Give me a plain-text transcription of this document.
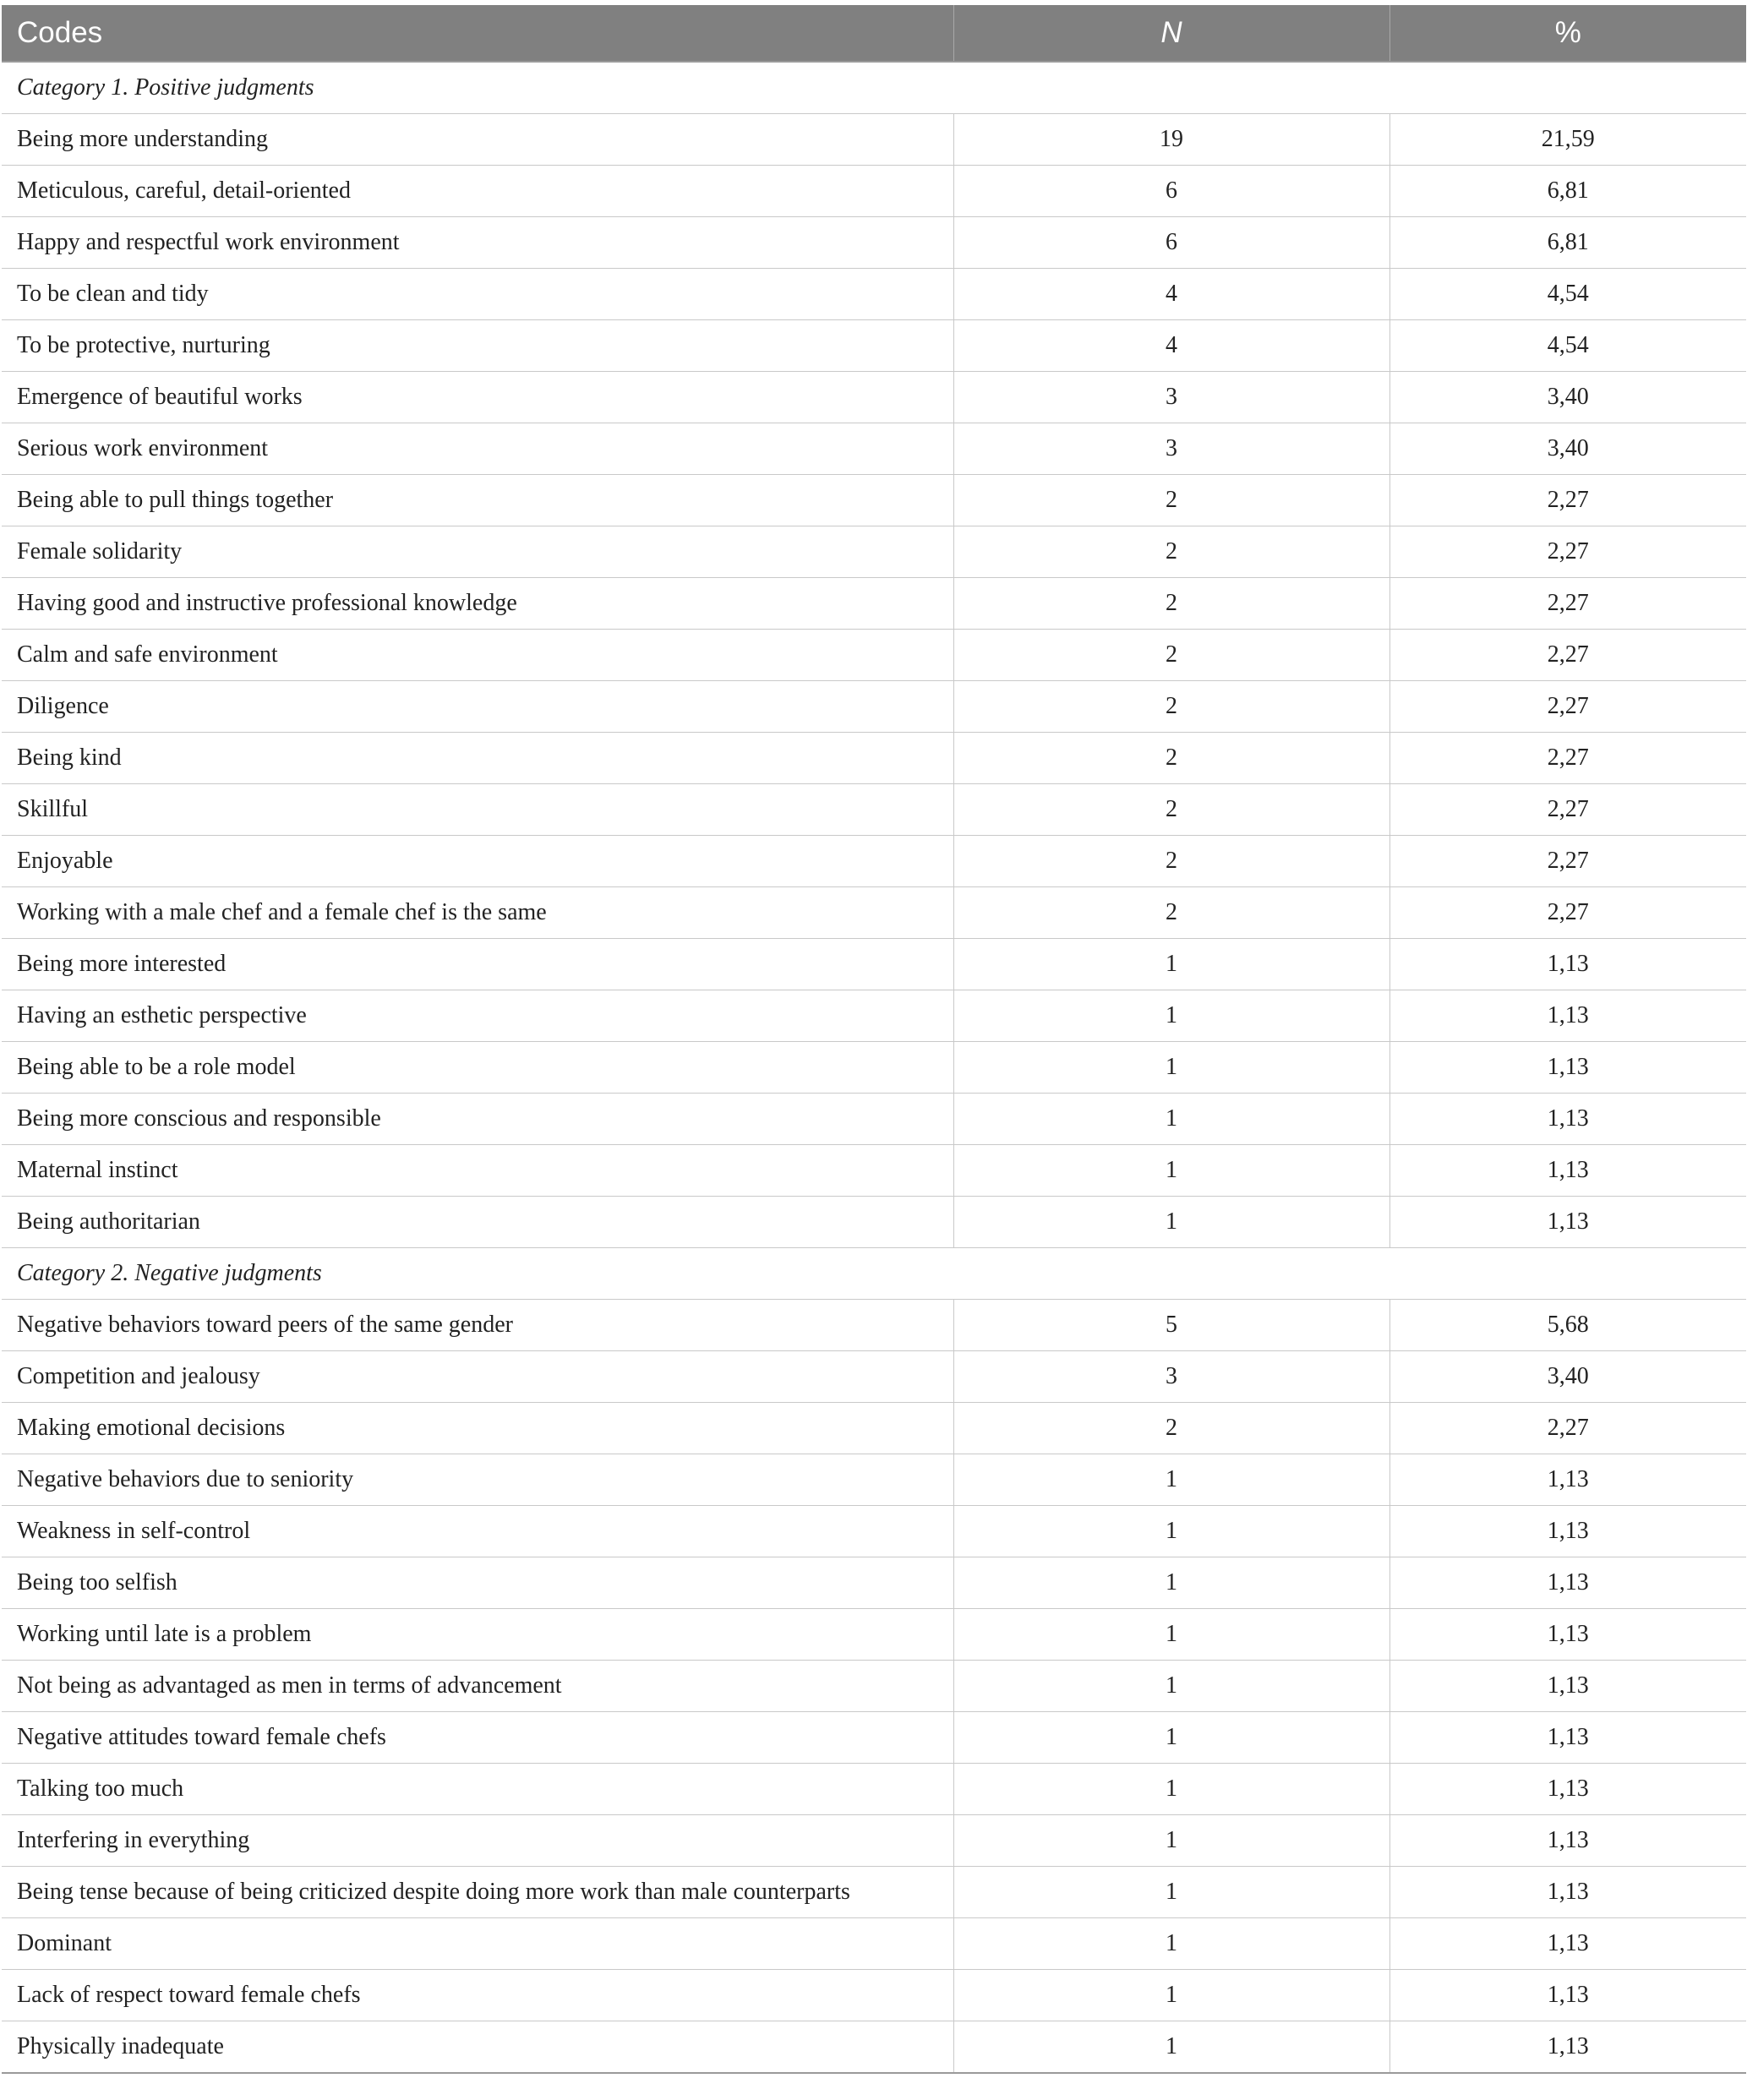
Codes	N	%
Category 1. Positive judgments		
Being more understanding	19	21,59
Meticulous, careful, detail-oriented	6	6,81
Happy and respectful work environment	6	6,81
To be clean and tidy	4	4,54
To be protective, nurturing	4	4,54
Emergence of beautiful works	3	3,40
Serious work environment	3	3,40
Being able to pull things together	2	2,27
Female solidarity	2	2,27
Having good and instructive professional knowledge	2	2,27
Calm and safe environment	2	2,27
Diligence	2	2,27
Being kind	2	2,27
Skillful	2	2,27
Enjoyable	2	2,27
Working with a male chef and a female chef is the same	2	2,27
Being more interested	1	1,13
Having an esthetic perspective	1	1,13
Being able to be a role model	1	1,13
Being more conscious and responsible	1	1,13
Maternal instinct	1	1,13
Being authoritarian	1	1,13
Category 2. Negative judgments		
Negative behaviors toward peers of the same gender	5	5,68
Competition and jealousy	3	3,40
Making emotional decisions	2	2,27
Negative behaviors due to seniority	1	1,13
Weakness in self-control	1	1,13
Being too selfish	1	1,13
Working until late is a problem	1	1,13
Not being as advantaged as men in terms of advancement	1	1,13
Negative attitudes toward female chefs	1	1,13
Talking too much	1	1,13
Interfering in everything	1	1,13
Being tense because of being criticized despite doing more work than male counterparts	1	1,13
Dominant	1	1,13
Lack of respect toward female chefs	1	1,13
Physically inadequate	1	1,13
